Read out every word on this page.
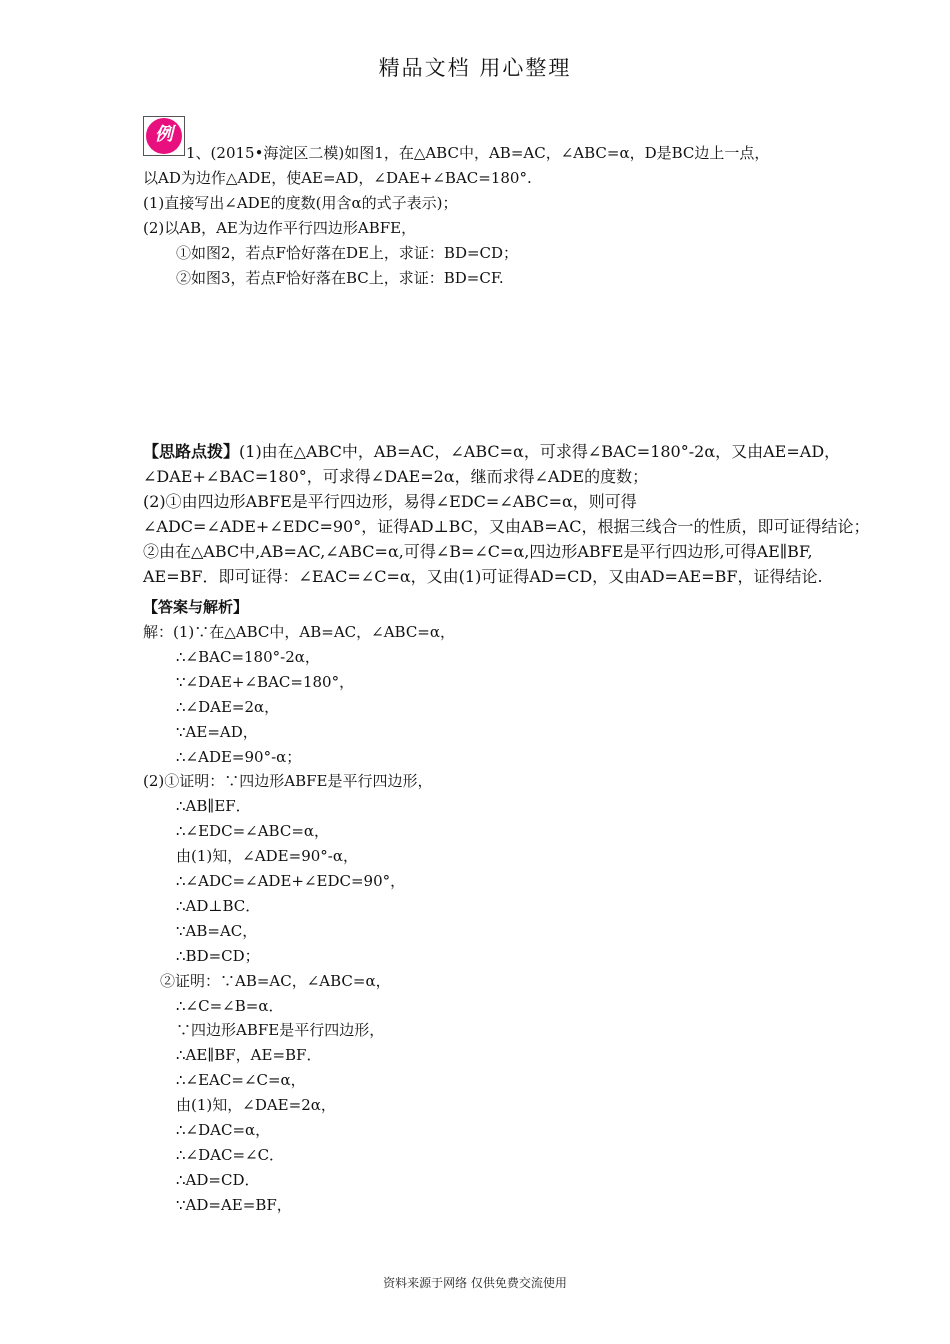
精品文档 用心整理
例
1、(2015•海淀区二模)如图1，在△ABC中，AB=AC，∠ABC=α，D是BC边上一点，
以AD为边作△ADE，使AE=AD，∠DAE+∠BAC=180°.
(1)直接写出∠ADE的度数(用含α的式子表示)；
(2)以AB，AE为边作平行四边形ABFE，
①如图2，若点F恰好落在DE上，求证：BD=CD；
②如图3，若点F恰好落在BC上，求证：BD=CF.
【思路点拨】(1)由在△ABC中，AB=AC，∠ABC=α，可求得∠BAC=180°-2α，又由AE=AD，
∠DAE+∠BAC=180°，可求得∠DAE=2α，继而求得∠ADE的度数；
(2)①由四边形ABFE是平行四边形，易得∠EDC=∠ABC=α，则可得
∠ADC=∠ADE+∠EDC=90°，证得AD⊥BC，又由AB=AC，根据三线合一的性质，即可证得结论；
②由在△ABC中,AB=AC,∠ABC=α,可得∠B=∠C=α,四边形ABFE是平行四边形,可得AE∥BF,
AE=BF．即可证得：∠EAC=∠C=α，又由(1)可证得AD=CD，又由AD=AE=BF，证得结论.
【答案与解析】
解：(1)∵在△ABC中，AB=AC，∠ABC=α，
∴∠BAC=180°-2α，
∵∠DAE+∠BAC=180°，
∴∠DAE=2α，
∵AE=AD，
∴∠ADE=90°-α；
(2)①证明：∵四边形ABFE是平行四边形，
∴AB∥EF．
∴∠EDC=∠ABC=α，
由(1)知，∠ADE=90°-α，
∴∠ADC=∠ADE+∠EDC=90°，
∴AD⊥BC．
∵AB=AC，
∴BD=CD；
②证明：∵AB=AC，∠ABC=α，
∴∠C=∠B=α．
∵四边形ABFE是平行四边形，
∴AE∥BF，AE=BF．
∴∠EAC=∠C=α，
由(1)知，∠DAE=2α，
∴∠DAC=α，
∴∠DAC=∠C．
∴AD=CD．
∵AD=AE=BF，
资料来源于网络 仅供免费交流使用
